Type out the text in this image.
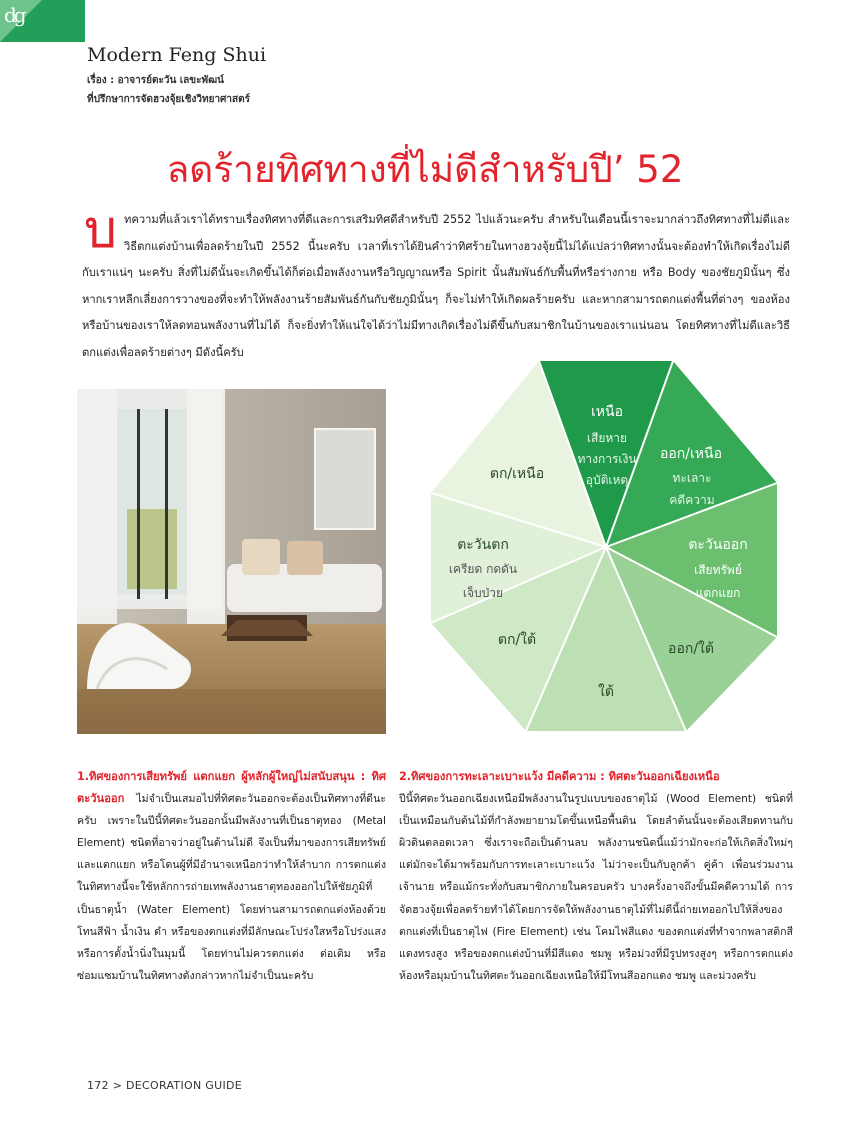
dg
Modern Feng Shui
เรื่อง : อาจารย์ตะวัน เลขะพัฒน์
ที่ปรึกษาการจัดฮวงจุ้ยเชิงวิทยาศาสตร์
ลดร้ายทิศทางที่ไม่ดีสำหรับปี’ 52
บ ทความที่แล้วเราได้ทราบเรื่องทิศทางที่ดีและการเสริมทิศดีสำหรับปี 2552 ไปแล้วนะครับ สำหรับในเดือนนี้เราจะมากล่าวถึงทิศทางที่ไม่ดีและวิธีตกแต่งบ้านเพื่อลดร้ายในปี 2552 นี้นะครับ เวลาที่เราได้ยินคำว่าทิศร้ายในทางฮวงจุ้ยนี้ไม่ได้แปลว่าทิศทางนั้นจะต้องทำให้เกิดเรื่องไม่ดีกับเราแน่ๆ นะครับ สิ่งที่ไม่ดีนั้นจะเกิดขึ้นได้ก็ต่อเมื่อพลังงานหรือวิญญาณหรือ Spirit นั้นสัมพันธ์กับพื้นที่หรือร่างกาย หรือ Body ของชัยภูมินั้นๆ ซึ่งหากเราหลีกเลี่ยงการวางของที่จะทำให้พลังงานร้ายสัมพันธ์กันกับชัยภูมินั้นๆ ก็จะไม่ทำให้เกิดผลร้ายครับ และหากสามารถตกแต่งพื้นที่ต่างๆ ของห้องหรือบ้านของเราให้ลดทอนพลังงานที่ไม่ได้ ก็จะยิ่งทำให้แน่ใจได้ว่าไม่มีทางเกิดเรื่องไม่ดีขึ้นกับสมาชิกในบ้านของเราแน่นอน โดยทิศทางที่ไม่ดีและวิธีตกแต่งเพื่อลดร้ายต่างๆ มีดังนี้ครับ
เหนือ
เสียหาย
ทางการเงิน
อุบัติเหตุ
ออก/เหนือ
ทะเลาะ
คดีความ
ตะวันออก
เสียทรัพย์
แตกแยก
ออก/ใต้
ใต้
ตก/ใต้
ตะวันตก
เครียด กดดัน
เจ็บป่วย
ตก/เหนือ
1.ทิศของการเสียทรัพย์ แตกแยก ผู้หลักผู้ใหญ่ไม่สนับสนุน : ทิศตะวันออก ไม่จำเป็นเสมอไปที่ทิศตะวันออกจะต้องเป็นทิศทางที่ดีนะครับ เพราะในปีนี้ทิศตะวันออกนั้นมีพลังงานที่เป็นธาตุทอง (Metal Element) ชนิดที่อาจว่าอยู่ในด้านไม่ดี จึงเป็นที่มาของการเสียทรัพย์และแตกแยก หรือโดนผู้ที่มีอำนาจเหนือกว่าทำให้ลำบาก การตกแต่งในทิศทางนี้จะใช้หลักการถ่ายเทพลังงานธาตุทองออกไปให้ชัยภูมิที่เป็นธาตุน้ำ (Water Element) โดยท่านสามารถตกแต่งห้องด้วยโทนสีฟ้า น้ำเงิน ดำ หรือของตกแต่งที่มีลักษณะโปร่งใสหรือโปร่งแสง หรือการตั้งน้ำนิ่งในมุมนี้ โดยท่านไม่ควรตกแต่ง ต่อเติม หรือซ่อมแซมบ้านในทิศทางดังกล่าวหากไม่จำเป็นนะครับ
2.ทิศของการทะเลาะเบาะแว้ง มีคดีความ : ทิศตะวันออกเฉียงเหนือ
ปีนี้ทิศตะวันออกเฉียงเหนือมีพลังงานในรูปแบบของธาตุไม้ (Wood Element) ชนิดที่เป็นเหมือนกับต้นไม้ที่กำลังพยายามโตขึ้นเหนือพื้นดิน โดยลำต้นนั้นจะต้องเสียดทานกับผิวดินตลอดเวลา ซึ่งเราจะถือเป็นด้านลบ พลังงานชนิดนี้แม้ว่ามักจะก่อให้เกิดสิ่งใหม่ๆ แต่มักจะได้มาพร้อมกับการทะเลาะเบาะแว้ง ไม่ว่าจะเป็นกับลูกค้า คู่ค้า เพื่อนร่วมงาน เจ้านาย หรือแม้กระทั่งกับสมาชิกภายในครอบครัว บางครั้งอาจถึงขั้นมีคดีความได้ การจัดฮวงจุ้ยเพื่อลดร้ายทำได้โดยการจัดให้พลังงานธาตุไม้ที่ไม่ดีนี้ถ่ายเทออกไปให้สิ่งของตกแต่งที่เป็นธาตุไฟ (Fire Element) เช่น โคมไฟสีแดง ของตกแต่งที่ทำจากพลาสติกสีแดงทรงสูง หรือของตกแต่งบ้านที่มีสีแดง ชมพู หรือม่วงที่มีรูปทรงสูงๆ หรือการตกแต่งห้องหรือมุมบ้านในทิศตะวันออกเฉียงเหนือให้มีโทนสีออกแดง ชมพู และม่วงครับ
172 > DECORATION GUIDE
